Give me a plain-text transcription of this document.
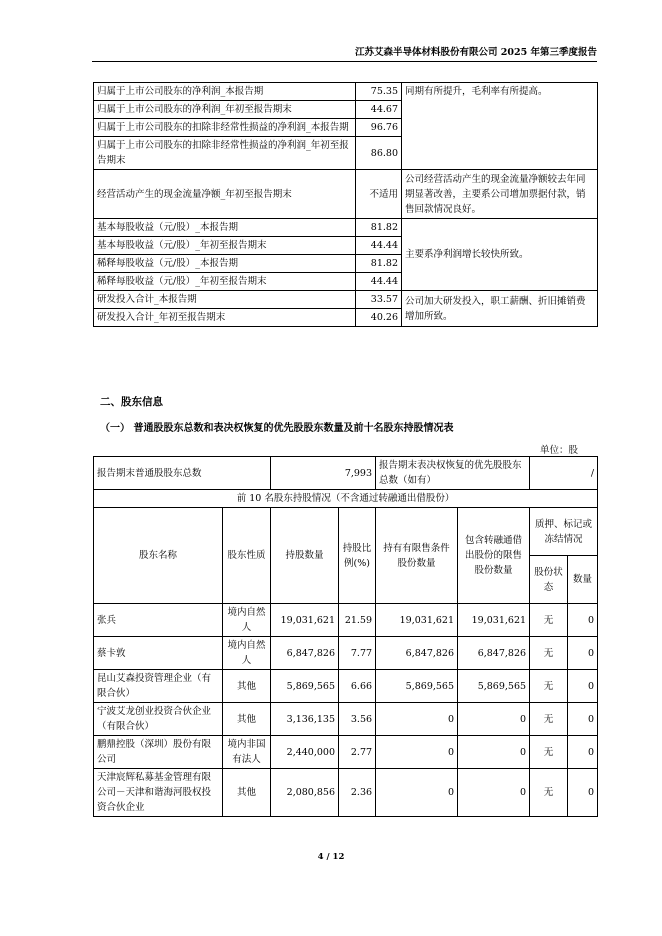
江苏艾森半导体材料股份有限公司 2025 年第三季度报告
归属于上市公司股东的净利润_本报告期	75.35	同期有所提升，毛利率有所提高。
归属于上市公司股东的净利润_年初至报告期末	44.67	
归属于上市公司股东的扣除非经常性损益的净利润_本报告期	96.76	
归属于上市公司股东的扣除非经常性损益的净利润_年初至报告期末	86.80	
经营活动产生的现金流量净额_年初至报告期末	不适用	公司经营活动产生的现金流量净额较去年同期显著改善，主要系公司增加票据付款，销售回款情况良好。
基本每股收益（元/股）_本报告期	81.82	主要系净利润增长较快所致。
基本每股收益（元/股）_年初至报告期末	44.44	
稀释每股收益（元/股）_本报告期	81.82	
稀释每股收益（元/股）_年初至报告期末	44.44	
研发投入合计_本报告期	33.57	公司加大研发投入，职工薪酬、折旧摊销费增加所致。
研发投入合计_年初至报告期末	40.26	
二、股东信息
（一） 普通股股东总数和表决权恢复的优先股股东数量及前十名股东持股情况表
单位：股
报告期末普通股股东总数		7,993		报告期末表决权恢复的优先股股东总数（如有）		/	
前 10 名股东持股情况（不含通过转融通出借股份）							
股东名称	股东性质	持股数量	持股比例(%)	持有有限售条件股份数量	包含转融通借出股份的限售股份数量	质押、标记或冻结情况	
						股份状态	数量
张兵	境内自然人	19,031,621	21.59	19,031,621	19,031,621	无	0
蔡卡敦	境内自然人	6,847,826	7.77	6,847,826	6,847,826	无	0
昆山艾森投资管理企业（有限合伙）	其他	5,869,565	6.66	5,869,565	5,869,565	无	0
宁波艾龙创业投资合伙企业（有限合伙）	其他	3,136,135	3.56	0	0	无	0
鹏鼎控股（深圳）股份有限公司	境内非国有法人	2,440,000	2.77	0	0	无	0
天津宸辉私募基金管理有限公司－天津和谐海河股权投资合伙企业	其他	2,080,856	2.36	0	0	无	0
4 / 12
